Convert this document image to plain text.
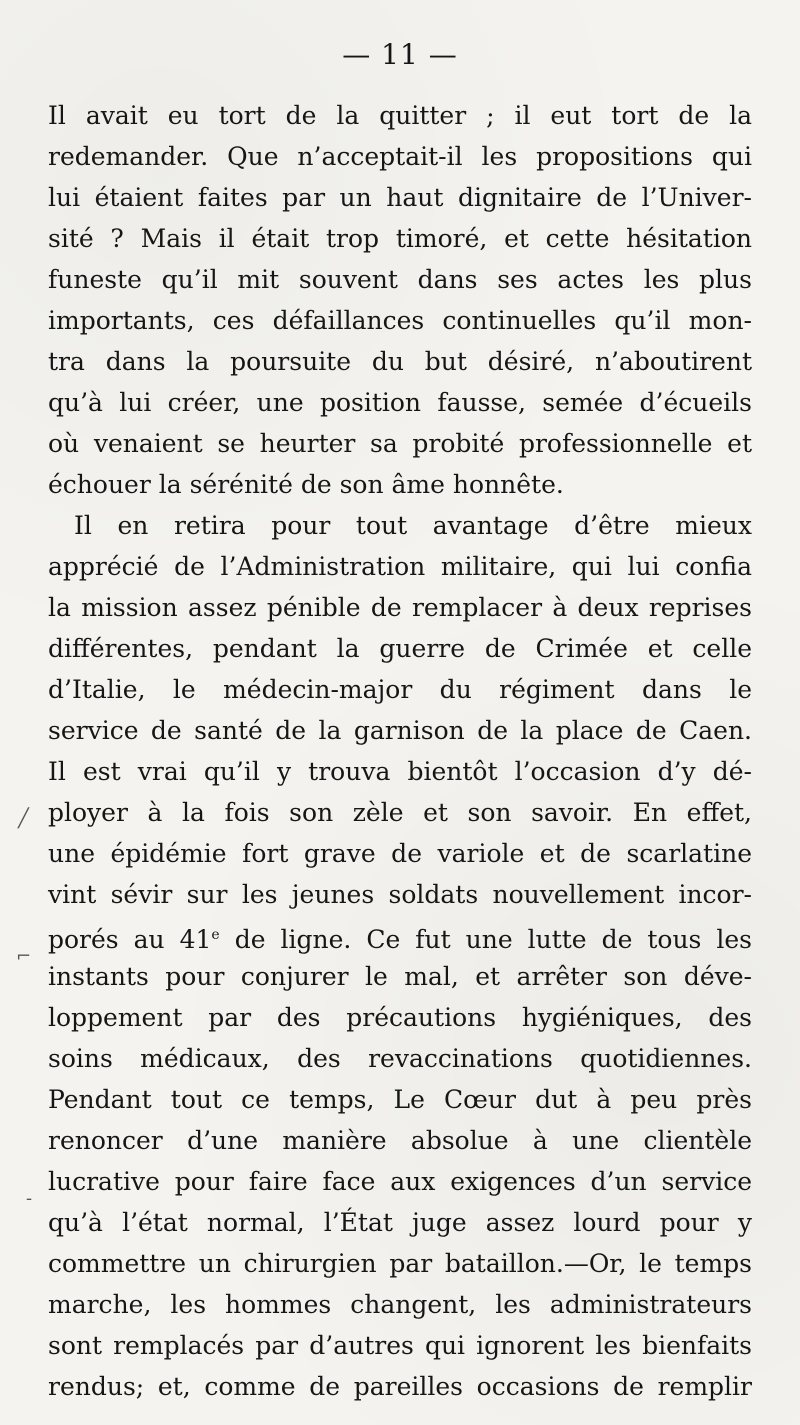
— 11 —
Il avait eu tort de la quitter ; il eut tort de la
redemander. Que n’acceptait-il les propositions qui
lui étaient faites par un haut dignitaire de l’Univer-
sité ? Mais il était trop timoré, et cette hésitation
funeste qu’il mit souvent dans ses actes les plus
importants, ces défaillances continuelles qu’il mon-
tra dans la poursuite du but désiré, n’aboutirent
qu’à lui créer, une position fausse, semée d’écueils
où venaient se heurter sa probité professionnelle et
échouer la sérénité de son âme honnête.
Il en retira pour tout avantage d’être mieux
apprécié de l’Administration militaire, qui lui confia
la mission assez pénible de remplacer à deux reprises
différentes, pendant la guerre de Crimée et celle
d’Italie, le médecin-major du régiment dans le
service de santé de la garnison de la place de Caen.
Il est vrai qu’il y trouva bientôt l’occasion d’y dé-
ployer à la fois son zèle et son savoir. En effet,
une épidémie fort grave de variole et de scarlatine
vint sévir sur les jeunes soldats nouvellement incor-
porés au 41e de ligne. Ce fut une lutte de tous les
instants pour conjurer le mal, et arrêter son déve-
loppement par des précautions hygiéniques, des
soins médicaux, des revaccinations quotidiennes.
Pendant tout ce temps, Le Cœur dut à peu près
renoncer d’une manière absolue à une clientèle
lucrative pour faire face aux exigences d’un service
qu’à l’état normal, l’État juge assez lourd pour y
commettre un chirurgien par bataillon.—Or, le temps
marche, les hommes changent, les administrateurs
sont remplacés par d’autres qui ignorent les bienfaits
rendus; et, comme de pareilles occasions de remplir
╱
⌐
-
